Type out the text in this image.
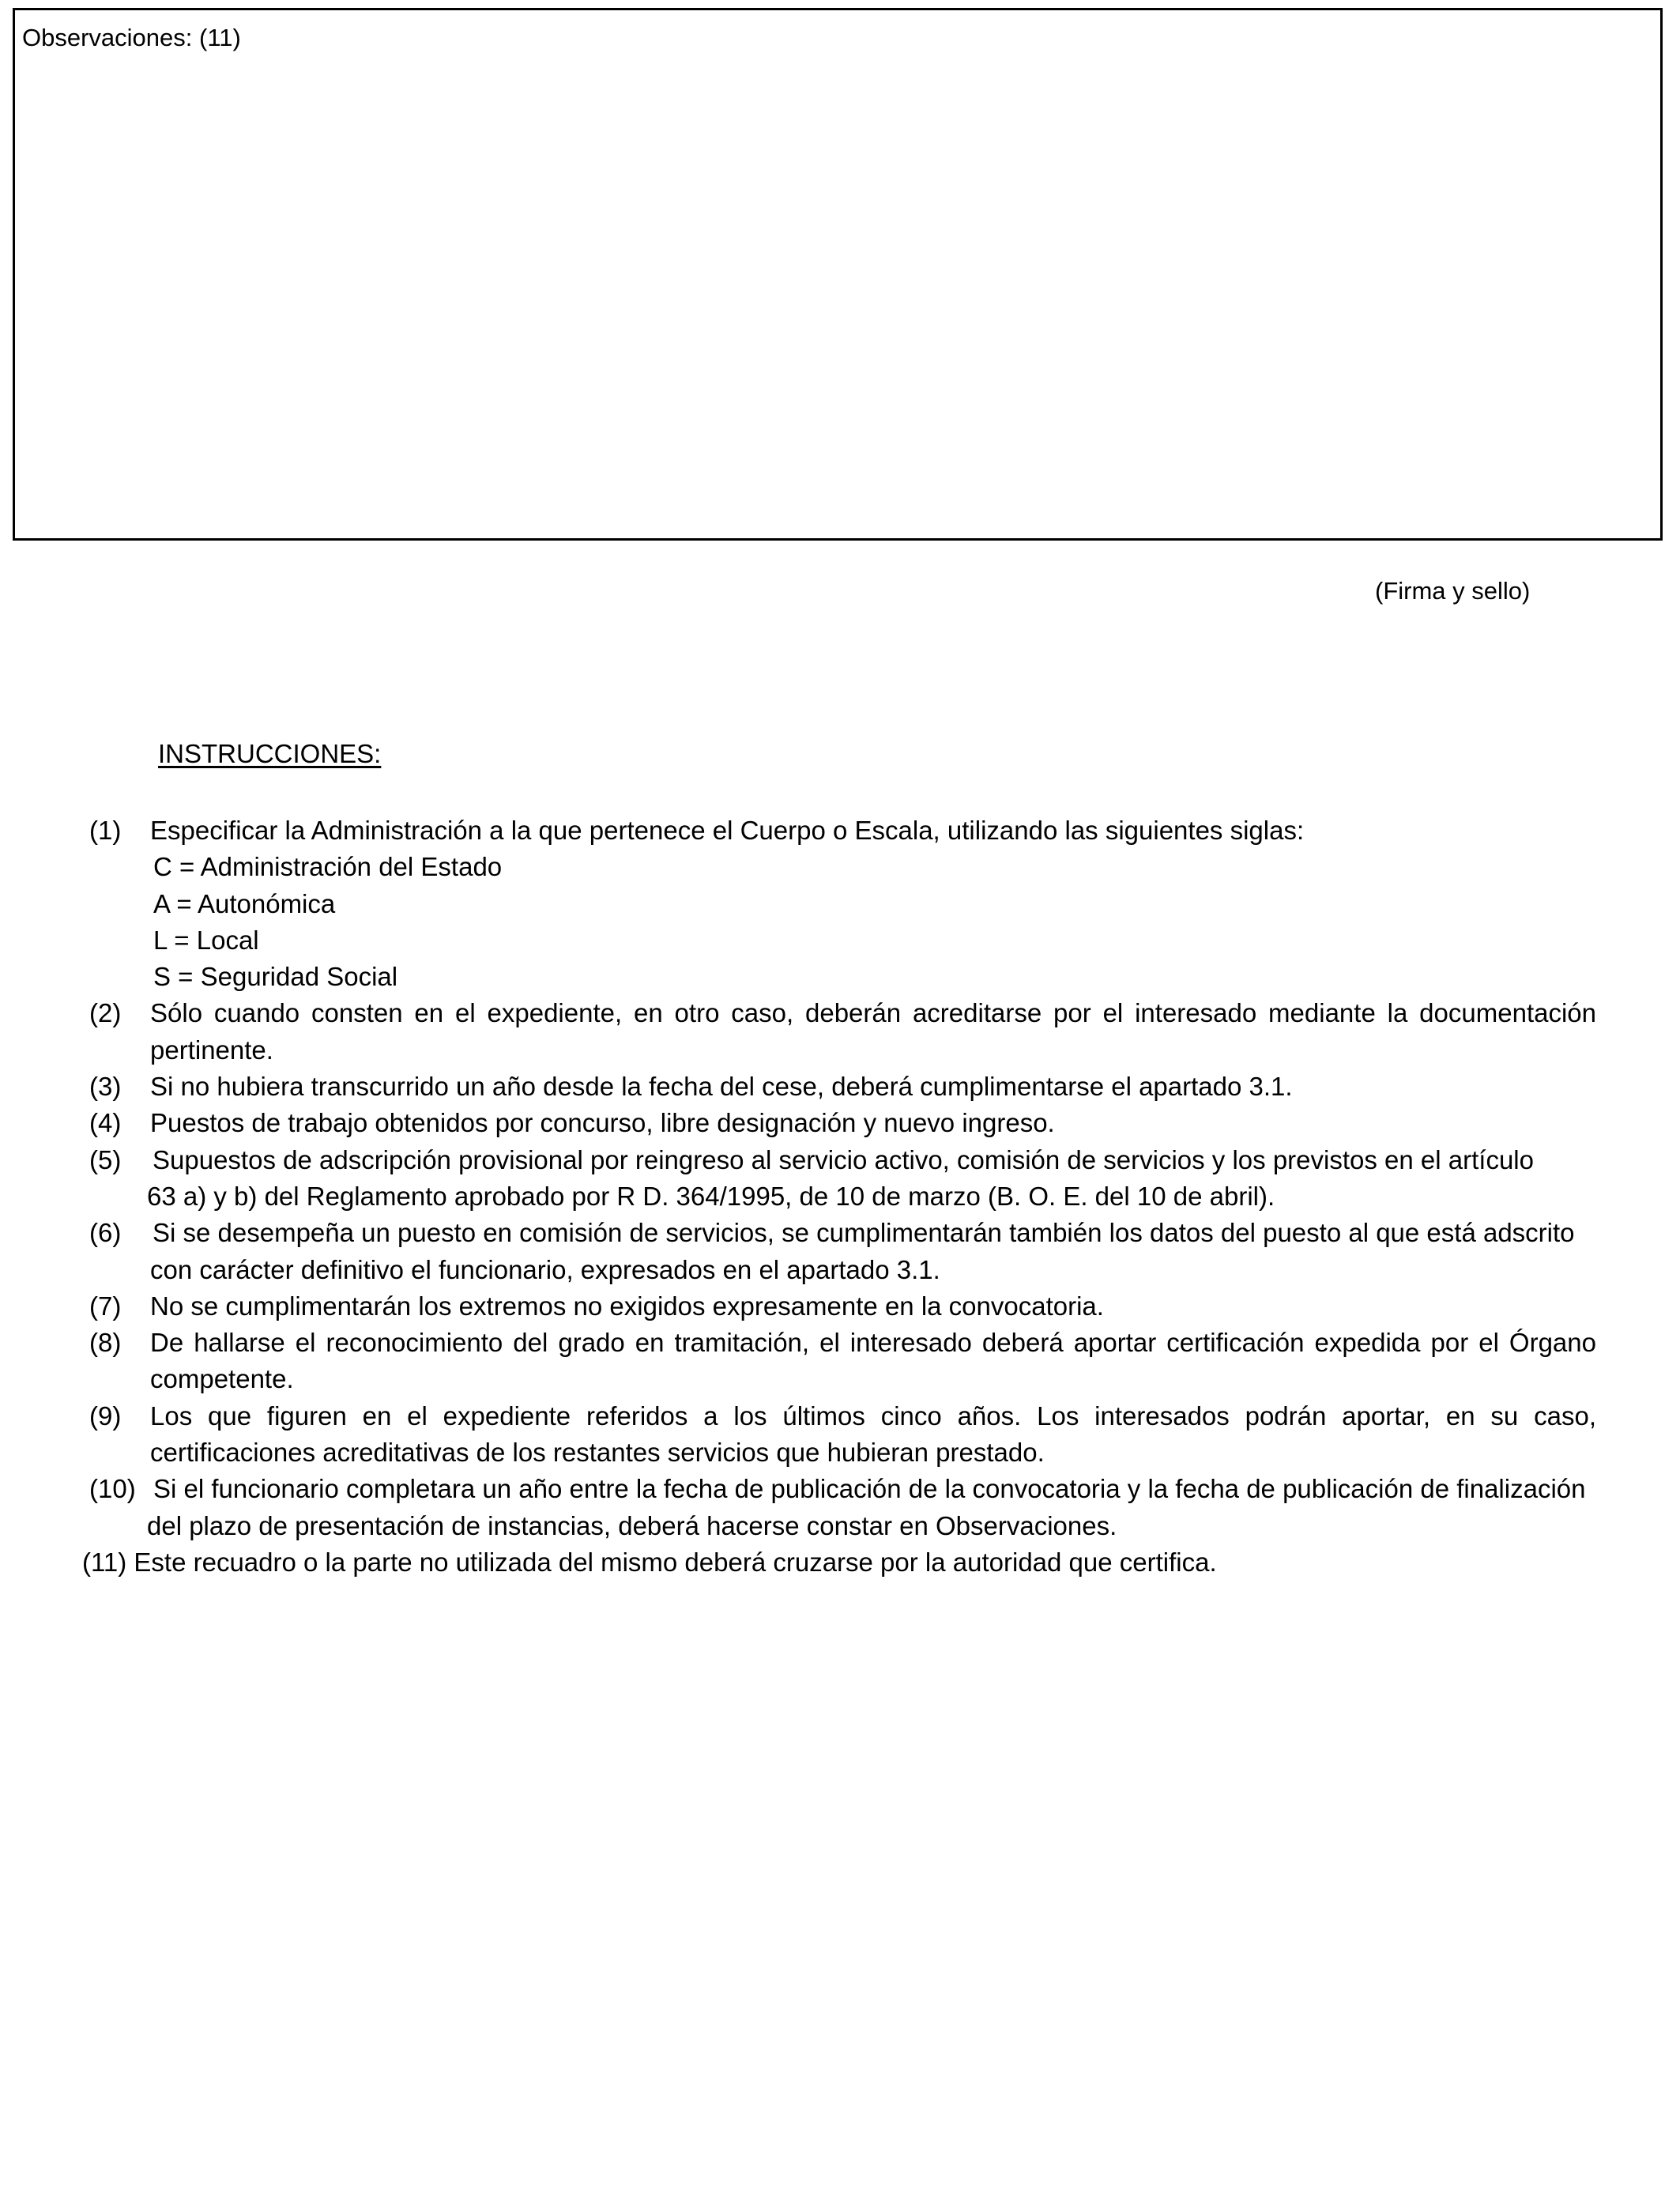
Observaciones: (11)
(Firma y sello)
INSTRUCCIONES:
(1) Especificar la Administración a la que pertenece el Cuerpo o Escala, utilizando las siguientes siglas:
C = Administración del Estado
A = Autonómica
L = Local
S = Seguridad Social
(2) Sólo cuando consten en el expediente, en otro caso, deberán acreditarse por el interesado mediante la documentación pertinente.
(3) Si no hubiera transcurrido un año desde la fecha del cese, deberá cumplimentarse el apartado 3.1.
(4) Puestos de trabajo obtenidos por concurso, libre designación y nuevo ingreso.
(5) Supuestos de adscripción provisional por reingreso al servicio activo, comisión de servicios y los previstos en el artículo
63 a) y b) del Reglamento aprobado por R D. 364/1995, de 10 de marzo (B. O. E. del 10 de abril).
(6) Si se desempeña un puesto en comisión de servicios, se cumplimentarán también los datos del puesto al que está adscrito
con carácter definitivo el funcionario, expresados en el apartado 3.1.
(7) No se cumplimentarán los extremos no exigidos expresamente en la convocatoria.
(8) De hallarse el reconocimiento del grado en tramitación, el interesado deberá aportar certificación expedida por el Órgano competente.
(9) Los que figuren en el expediente referidos a los últimos cinco años. Los interesados podrán aportar, en su caso, certificaciones acreditativas de los restantes servicios que hubieran prestado.
(10) Si el funcionario completara un año entre la fecha de publicación de la convocatoria y la fecha de publicación de finalización
del plazo de presentación de instancias, deberá hacerse constar en Observaciones.
(11) Este recuadro o la parte no utilizada del mismo deberá cruzarse por la autoridad que certifica.
